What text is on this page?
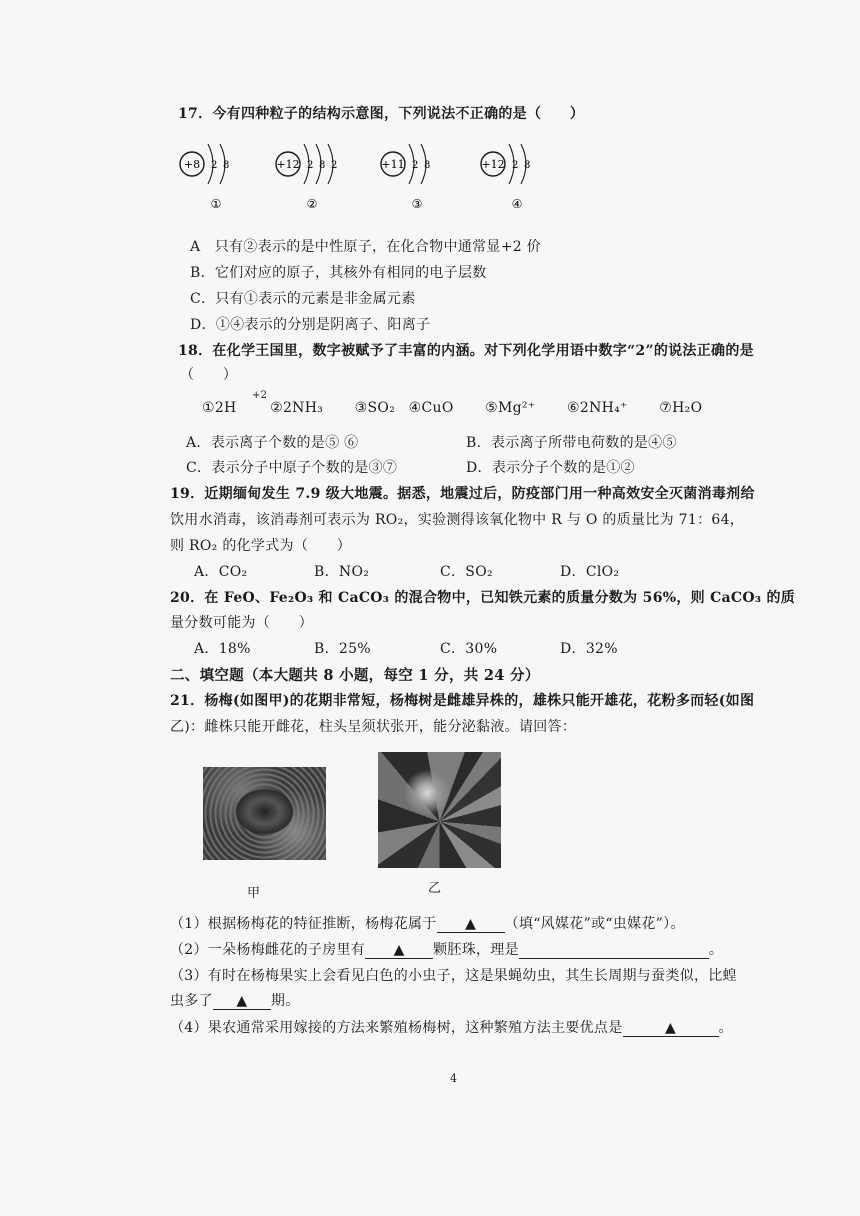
17．今有四种粒子的结构示意图，下列说法不正确的是（　　）
+8 2 8
①
+12 2 8 2
②
+11 2 8
③
+12 2 8
④
A　只有②表示的是中性原子，在化合物中通常显+2 价
B．它们对应的原子，其核外有相同的电子层数
C．只有①表示的元素是非金属元素
D．①④表示的分别是阴离子、阳离子
18．在化学王国里，数字被赋予了丰富的内涵。对下列化学用语中数字“2”的说法正确的是
（　　）
+2
①2H ②2NH₃ ③SO₂ ④CuO ⑤Mg²⁺ ⑥2NH₄⁺ ⑦H₂O
A．表示离子个数的是⑤ ⑥	B．表示离子所带电荷数的是④⑤
C．表示分子中原子个数的是③⑦	D．表示分子个数的是①②
19．近期缅甸发生 7.9 级大地震。据悉，地震过后，防疫部门用一种高效安全灭菌消毒剂给
饮用水消毒，该消毒剂可表示为 RO₂，实验测得该氧化物中 R 与 O 的质量比为 71：64，
则 RO₂ 的化学式为（　　）
A．CO₂	B．NO₂	C．SO₂	D．ClO₂
20．在 FeO、Fe₂O₃ 和 CaCO₃ 的混合物中，已知铁元素的质量分数为 56%，则 CaCO₃ 的质
量分数可能为（　　）
A．18%	B．25%	C．30%	D．32%
二、填空题（本大题共 8 小题，每空 1 分，共 24 分）
21．杨梅(如图甲)的花期非常短，杨梅树是雌雄异株的，雄株只能开雄花，花粉多而轻(如图
乙)：雌株只能开雌花，柱头呈须状张开，能分泌黏液。请回答：
甲	乙
（1）根据杨梅花的特征推断，杨梅花属于 ▲ （填“风媒花”或“虫媒花”）。
（2）一朵杨梅雌花的子房里有 ▲ 颗胚珠，理是	。
（3）有时在杨梅果实上会看见白色的小虫子，这是果蝇幼虫，其生长周期与蚕类似，比蝗
虫多了 ▲ 期。
（4）果农通常采用嫁接的方法来繁殖杨梅树，这种繁殖方法主要优点是	▲	。
4
